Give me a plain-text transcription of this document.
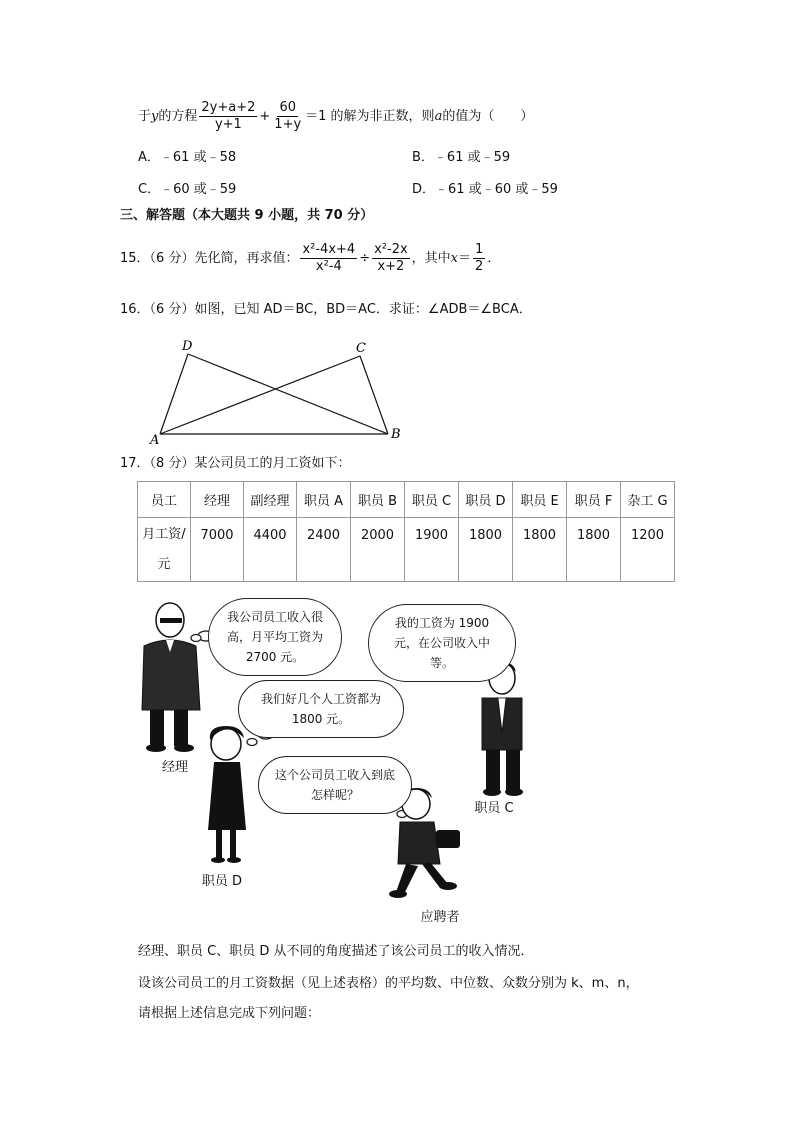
于y的方程 $\frac{2y+a+2}{y+1} + \frac{60}{1+y} =1$ 的解为非正数，则a的值为（　　）
A．﹣61 或﹣58	B．﹣61 或﹣59
C．﹣60 或﹣59	D．﹣61 或﹣60 或﹣59
三、解答题（本大题共 9 小题，共 70 分）
15．（6 分）先化简，再求值： $\frac{\text{x²-4x+4}}{\text{x²-4}} \div \frac{\text{x²-2x}}{x+2}$ ，其中$x= \frac{1}{2}$ ．
16．（6 分）如图，已知 AD＝BC，BD＝AC．求证：∠ADB＝∠BCA．
D	C
A	B
17．（8 分）某公司员工的月工资如下：
员工	经理	副经理	职员 A	职员 B	职员 C	职员 D	职员 E	职员 F	杂工 G
月工资/
元	7000	4400	2400	2000	1900	1800	1800	1800	1200
我公司员工收入很高，月平均工资为 2700 元。
我的工资为 1900 元，在公司收入中等。
我们好几个人工资都为 1800 元。
这个公司员工收入到底怎样呢？
经理
职员 C
职员 D
应聘者
经理、职员 C、职员 D 从不同的角度描述了该公司员工的收入情况．
设该公司员工的月工资数据（见上述表格）的平均数、中位数、众数分别为 k、m、n，
请根据上述信息完成下列问题：
